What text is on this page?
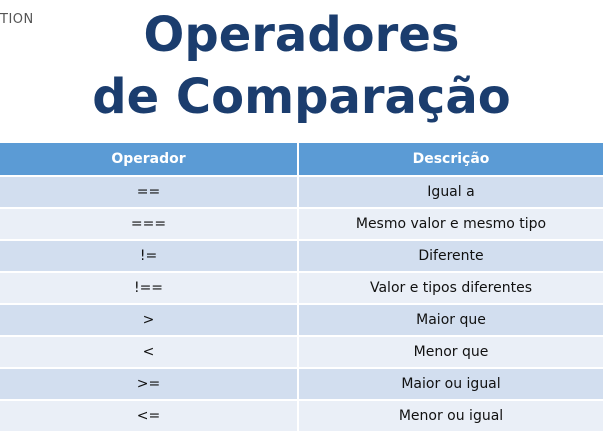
TION	Operadores
de Comparação
Operador	Descrição
==	Igual a
===	Mesmo valor e mesmo tipo
!=	Diferente
!==	Valor e tipos diferentes
>	Maior que
<	Menor que
>=	Maior ou igual
<=	Menor ou igual
